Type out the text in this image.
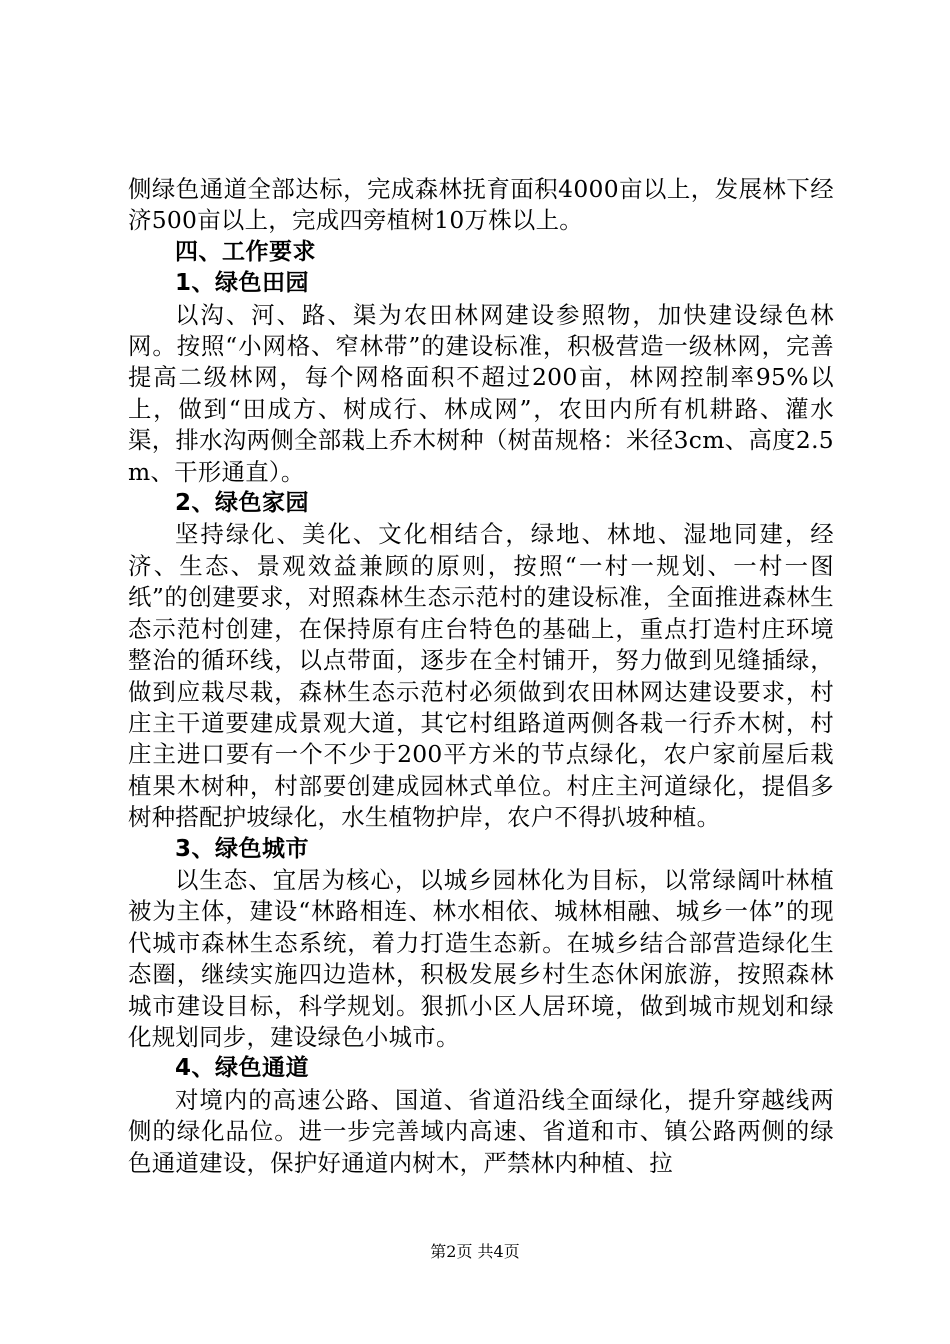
侧绿色通道全部达标，完成森林抚育面积4000亩以上，发展林下经济500亩以上，完成四旁植树10万株以上。

四、工作要求

1、绿色田园

以沟、河、路、渠为农田林网建设参照物，加快建设绿色林网。按照“小网格、窄林带”的建设标准，积极营造一级林网，完善提高二级林网，每个网格面积不超过200亩，林网控制率95%以上，做到“田成方、树成行、林成网”，农田内所有机耕路、灌水渠，排水沟两侧全部栽上乔木树种（树苗规格：米径3cm、高度2.5m、干形通直）。

2、绿色家园

坚持绿化、美化、文化相结合，绿地、林地、湿地同建，经济、生态、景观效益兼顾的原则，按照“一村一规划、一村一图纸”的创建要求，对照森林生态示范村的建设标准，全面推进森林生态示范村创建，在保持原有庄台特色的基础上，重点打造村庄环境整治的循环线，以点带面，逐步在全村铺开，努力做到见缝插绿，做到应栽尽栽，森林生态示范村必须做到农田林网达建设要求，村庄主干道要建成景观大道，其它村组路道两侧各栽一行乔木树，村庄主进口要有一个不少于200平方米的节点绿化，农户家前屋后栽植果木树种，村部要创建成园林式单位。村庄主河道绿化，提倡多树种搭配护坡绿化，水生植物护岸，农户不得扒坡种植。

3、绿色城市

以生态、宜居为核心，以城乡园林化为目标，以常绿阔叶林植被为主体，建设“林路相连、林水相依、城林相融、城乡一体”的现代城市森林生态系统，着力打造生态新。在城乡结合部营造绿化生态圈，继续实施四边造林，积极发展乡村生态休闲旅游，按照森林城市建设目标，科学规划。狠抓小区人居环境，做到城市规划和绿化规划同步，建设绿色小城市。

4、绿色通道

对境内的高速公路、国道、省道沿线全面绿化，提升穿越线两侧的绿化品位。进一步完善域内高速、省道和市、镇公路两侧的绿色通道建设，保护好通道内树木，严禁林内种植、拉

第2页 共4页
